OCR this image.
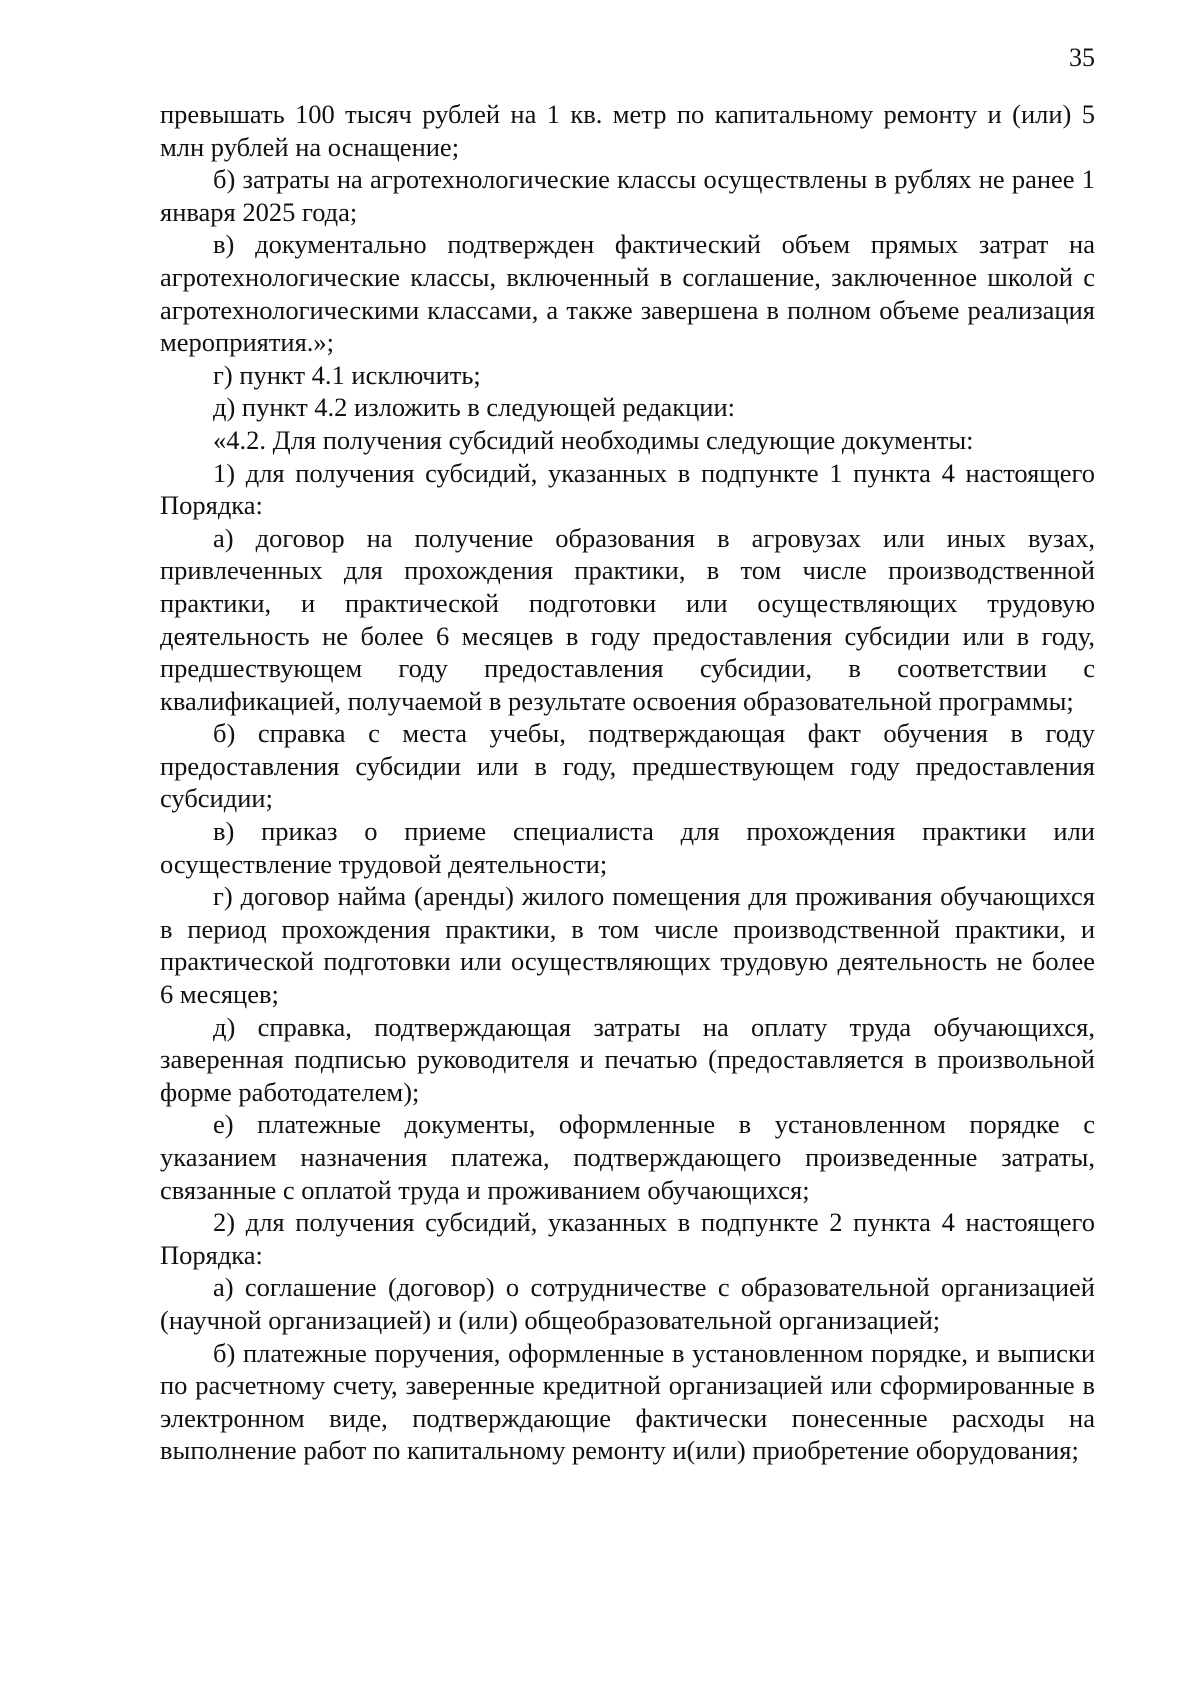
35

превышать 100 тысяч рублей на 1 кв. метр по капитальному ремонту и (или) 5 млн рублей на оснащение;

б) затраты на агротехнологические классы осуществлены в рублях не ранее 1 января 2025 года;

в) документально подтвержден фактический объем прямых затрат на агротехнологические классы, включенный в соглашение, заключенное школой с агротехнологическими классами, а также завершена в полном объеме реализация мероприятия.»;

г) пункт 4.1 исключить;

д) пункт 4.2 изложить в следующей редакции:

«4.2. Для получения субсидий необходимы следующие документы:

1) для получения субсидий, указанных в подпункте 1 пункта 4 настоящего Порядка:

а) договор на получение образования в агровузах или иных вузах, привлеченных для прохождения практики, в том числе производственной практики, и практической подготовки или осуществляющих трудовую деятельность не более 6 месяцев в году предоставления субсидии или в году, предшествующем году предоставления субсидии, в соответствии с квалификацией, получаемой в результате освоения образовательной программы;

б) справка с места учебы, подтверждающая факт обучения в году предоставления субсидии или в году, предшествующем году предоставления субсидии;

в) приказ о приеме специалиста для прохождения практики или осуществление трудовой деятельности;

г) договор найма (аренды) жилого помещения для проживания обучающихся в период прохождения практики, в том числе производственной практики, и практической подготовки или осуществляющих трудовую деятельность не более 6 месяцев;

д) справка, подтверждающая затраты на оплату труда обучающихся, заверенная подписью руководителя и печатью (предоставляется в произвольной форме работодателем);

е) платежные документы, оформленные в установленном порядке с указанием назначения платежа, подтверждающего произведенные затраты, связанные с оплатой труда и проживанием обучающихся;

2) для получения субсидий, указанных в подпункте 2 пункта 4 настоящего Порядка:

а) соглашение (договор) о сотрудничестве с образовательной организацией (научной организацией) и (или) общеобразовательной организацией;

б) платежные поручения, оформленные в установленном порядке, и выписки по расчетному счету, заверенные кредитной организацией или сформированные в электронном виде, подтверждающие фактически понесенные расходы на выполнение работ по капитальному ремонту и(или) приобретение оборудования;
